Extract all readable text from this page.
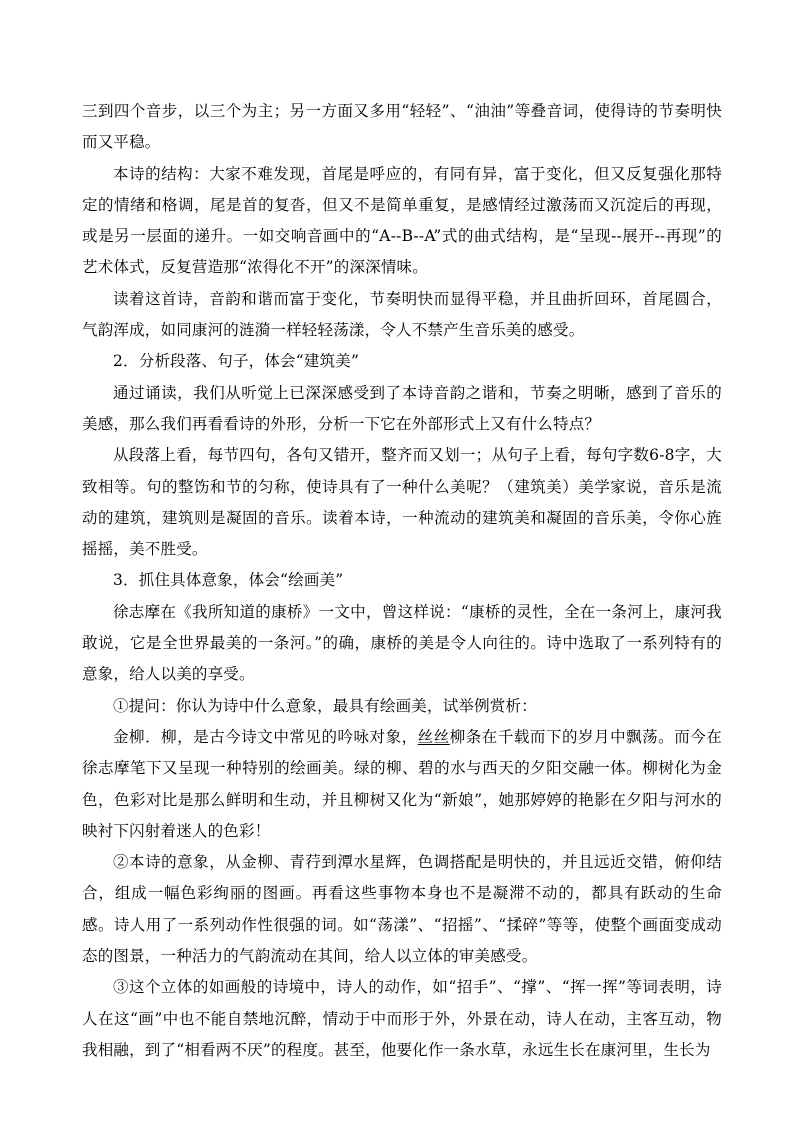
三到四个音步，以三个为主；另一方面又多用“轻轻”、“油油”等叠音词，使得诗的节奏明快而又平稳。

本诗的结构：大家不难发现，首尾是呼应的，有同有异，富于变化，但又反复强化那特定的情绪和格调，尾是首的复沓，但又不是简单重复，是感情经过激荡而又沉淀后的再现，或是另一层面的递升。一如交响音画中的“A--B--A”式的曲式结构，是“呈现--展开--再现”的艺术体式，反复营造那“浓得化不开”的深深情味。

读着这首诗，音韵和谐而富于变化，节奏明快而显得平稳，并且曲折回环，首尾圆合，气韵浑成，如同康河的涟漪一样轻轻荡漾，令人不禁产生音乐美的感受。

2．分析段落、句子，体会“建筑美”

通过诵读，我们从听觉上已深深感受到了本诗音韵之谐和，节奏之明晰，感到了音乐的美感，那么我们再看看诗的外形，分析一下它在外部形式上又有什么特点？

从段落上看，每节四句，各句又错开，整齐而又划一；从句子上看，每句字数6-8字，大致相等。句的整饬和节的匀称，使诗具有了一种什么美呢？（建筑美）美学家说，音乐是流动的建筑，建筑则是凝固的音乐。读着本诗，一种流动的建筑美和凝固的音乐美，令你心旌摇摇，美不胜受。

3．抓住具体意象，体会“绘画美”

徐志摩在《我所知道的康桥》一文中，曾这样说：“康桥的灵性，全在一条河上，康河我敢说，它是全世界最美的一条河。”的确，康桥的美是令人向往的。诗中选取了一系列特有的意象，给人以美的享受。

①提问：你认为诗中什么意象，最具有绘画美，试举例赏析：

金柳．柳，是古今诗文中常见的吟咏对象，丝丝柳条在千载而下的岁月中飘荡。而今在徐志摩笔下又呈现一种特别的绘画美。绿的柳、碧的水与西天的夕阳交融一体。柳树化为金色，色彩对比是那么鲜明和生动，并且柳树又化为“新娘”，她那婷婷的艳影在夕阳与河水的映衬下闪射着迷人的色彩！

②本诗的意象，从金柳、青荇到潭水星辉，色调搭配是明快的，并且远近交错，俯仰结合，组成一幅色彩绚丽的图画。再看这些事物本身也不是凝滞不动的，都具有跃动的生命感。诗人用了一系列动作性很强的词。如“荡漾”、“招摇”、“揉碎”等等，使整个画面变成动态的图景，一种活力的气韵流动在其间，给人以立体的审美感受。

③这个立体的如画般的诗境中，诗人的动作，如“招手”、“撑”、“挥一挥”等词表明，诗人在这“画”中也不能自禁地沉醉，情动于中而形于外，外景在动，诗人在动，主客互动，物我相融，到了“相看两不厌”的程度。甚至，他要化作一条水草，永远生长在康河里，生长为
